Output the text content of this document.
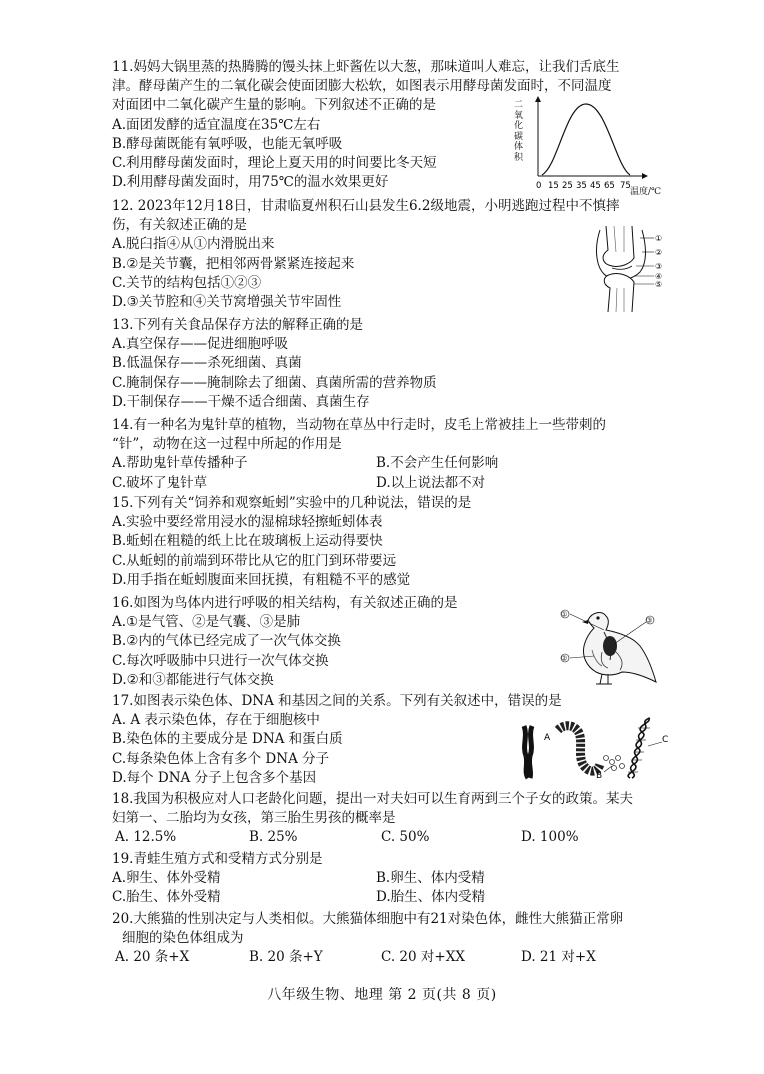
11.妈妈大锅里蒸的热腾腾的馒头抹上虾酱佐以大葱，那味道叫人难忘，让我们舌底生
津。酵母菌产生的二氧化碳会使面团膨大松软，如图表示用酵母菌发面时，不同温度
对面团中二氧化碳产生量的影响。下列叙述不正确的是
A.面团发酵的适宜温度在35℃左右
B.酵母菌既能有氧呼吸，也能无氧呼吸
C.利用酵母菌发面时，理论上夏天用的时间要比冬天短
D.利用酵母菌发面时，用75℃的温水效果更好	0 15 25 35 45 65 75
二氧化碳体积
温度/℃
12. 2023年12月18日，甘肃临夏州积石山县发生6.2级地震，小明逃跑过程中不慎摔
伤，有关叙述正确的是
A.脱臼指④从①内滑脱出来
B.②是关节囊，把相邻两骨紧紧连接起来
C.关节的结构包括①②③
D.③关节腔和④关节窝增强关节牢固性
①
②
③
④
⑤
13.下列有关食品保存方法的解释正确的是
A.真空保存——促进细胞呼吸
B.低温保存——杀死细菌、真菌
C.腌制保存——腌制除去了细菌、真菌所需的营养物质
D.干制保存——干燥不适合细菌、真菌生存
14.有一种名为鬼针草的植物，当动物在草丛中行走时，皮毛上常被挂上一些带刺的
“针”，动物在这一过程中所起的作用是
A.帮助鬼针草传播种子	B.不会产生任何影响
C.破坏了鬼针草	D.以上说法都不对
15.下列有关“饲养和观察蚯蚓”实验中的几种说法，错误的是
A.实验中要经常用浸水的湿棉球轻擦蚯蚓体表
B.蚯蚓在粗糙的纸上比在玻璃板上运动得要快
C.从蚯蚓的前端到环带比从它的肛门到环带要远
D.用手指在蚯蚓腹面来回抚摸，有粗糙不平的感觉
16.如图为鸟体内进行呼吸的相关结构，有关叙述正确的是
A.①是气管、②是气囊、③是肺
B.②内的气体已经完成了一次气体交换
C.每次呼吸肺中只进行一次气体交换
D.②和③都能进行气体交换
①
②
③
17.如图表示染色体、DNA 和基因之间的关系。下列有关叙述中，错误的是
A. A 表示染色体，存在于细胞核中
B.染色体的主要成分是 DNA 和蛋白质
C.每条染色体上含有多个 DNA 分子
D.每个 DNA 分子上包含多个基因
A
B
C
18.我国为积极应对人口老龄化问题，提出一对夫妇可以生育两到三个子女的政策。某夫
妇第一、二胎均为女孩，第三胎生男孩的概率是
A. 12.5%	B. 25%	C. 50%	D. 100%
19.青蛙生殖方式和受精方式分别是
A.卵生、体外受精	B.卵生、体内受精
C.胎生、体外受精	D.胎生、体内受精
20.大熊猫的性别决定与人类相似。大熊猫体细胞中有21对染色体，雌性大熊猫正常卵
细胞的染色体组成为
A. 20 条+X	B. 20 条+Y	C. 20 对+XX	D. 21 对+X
八年级生物、地理 第 2 页(共 8 页)
